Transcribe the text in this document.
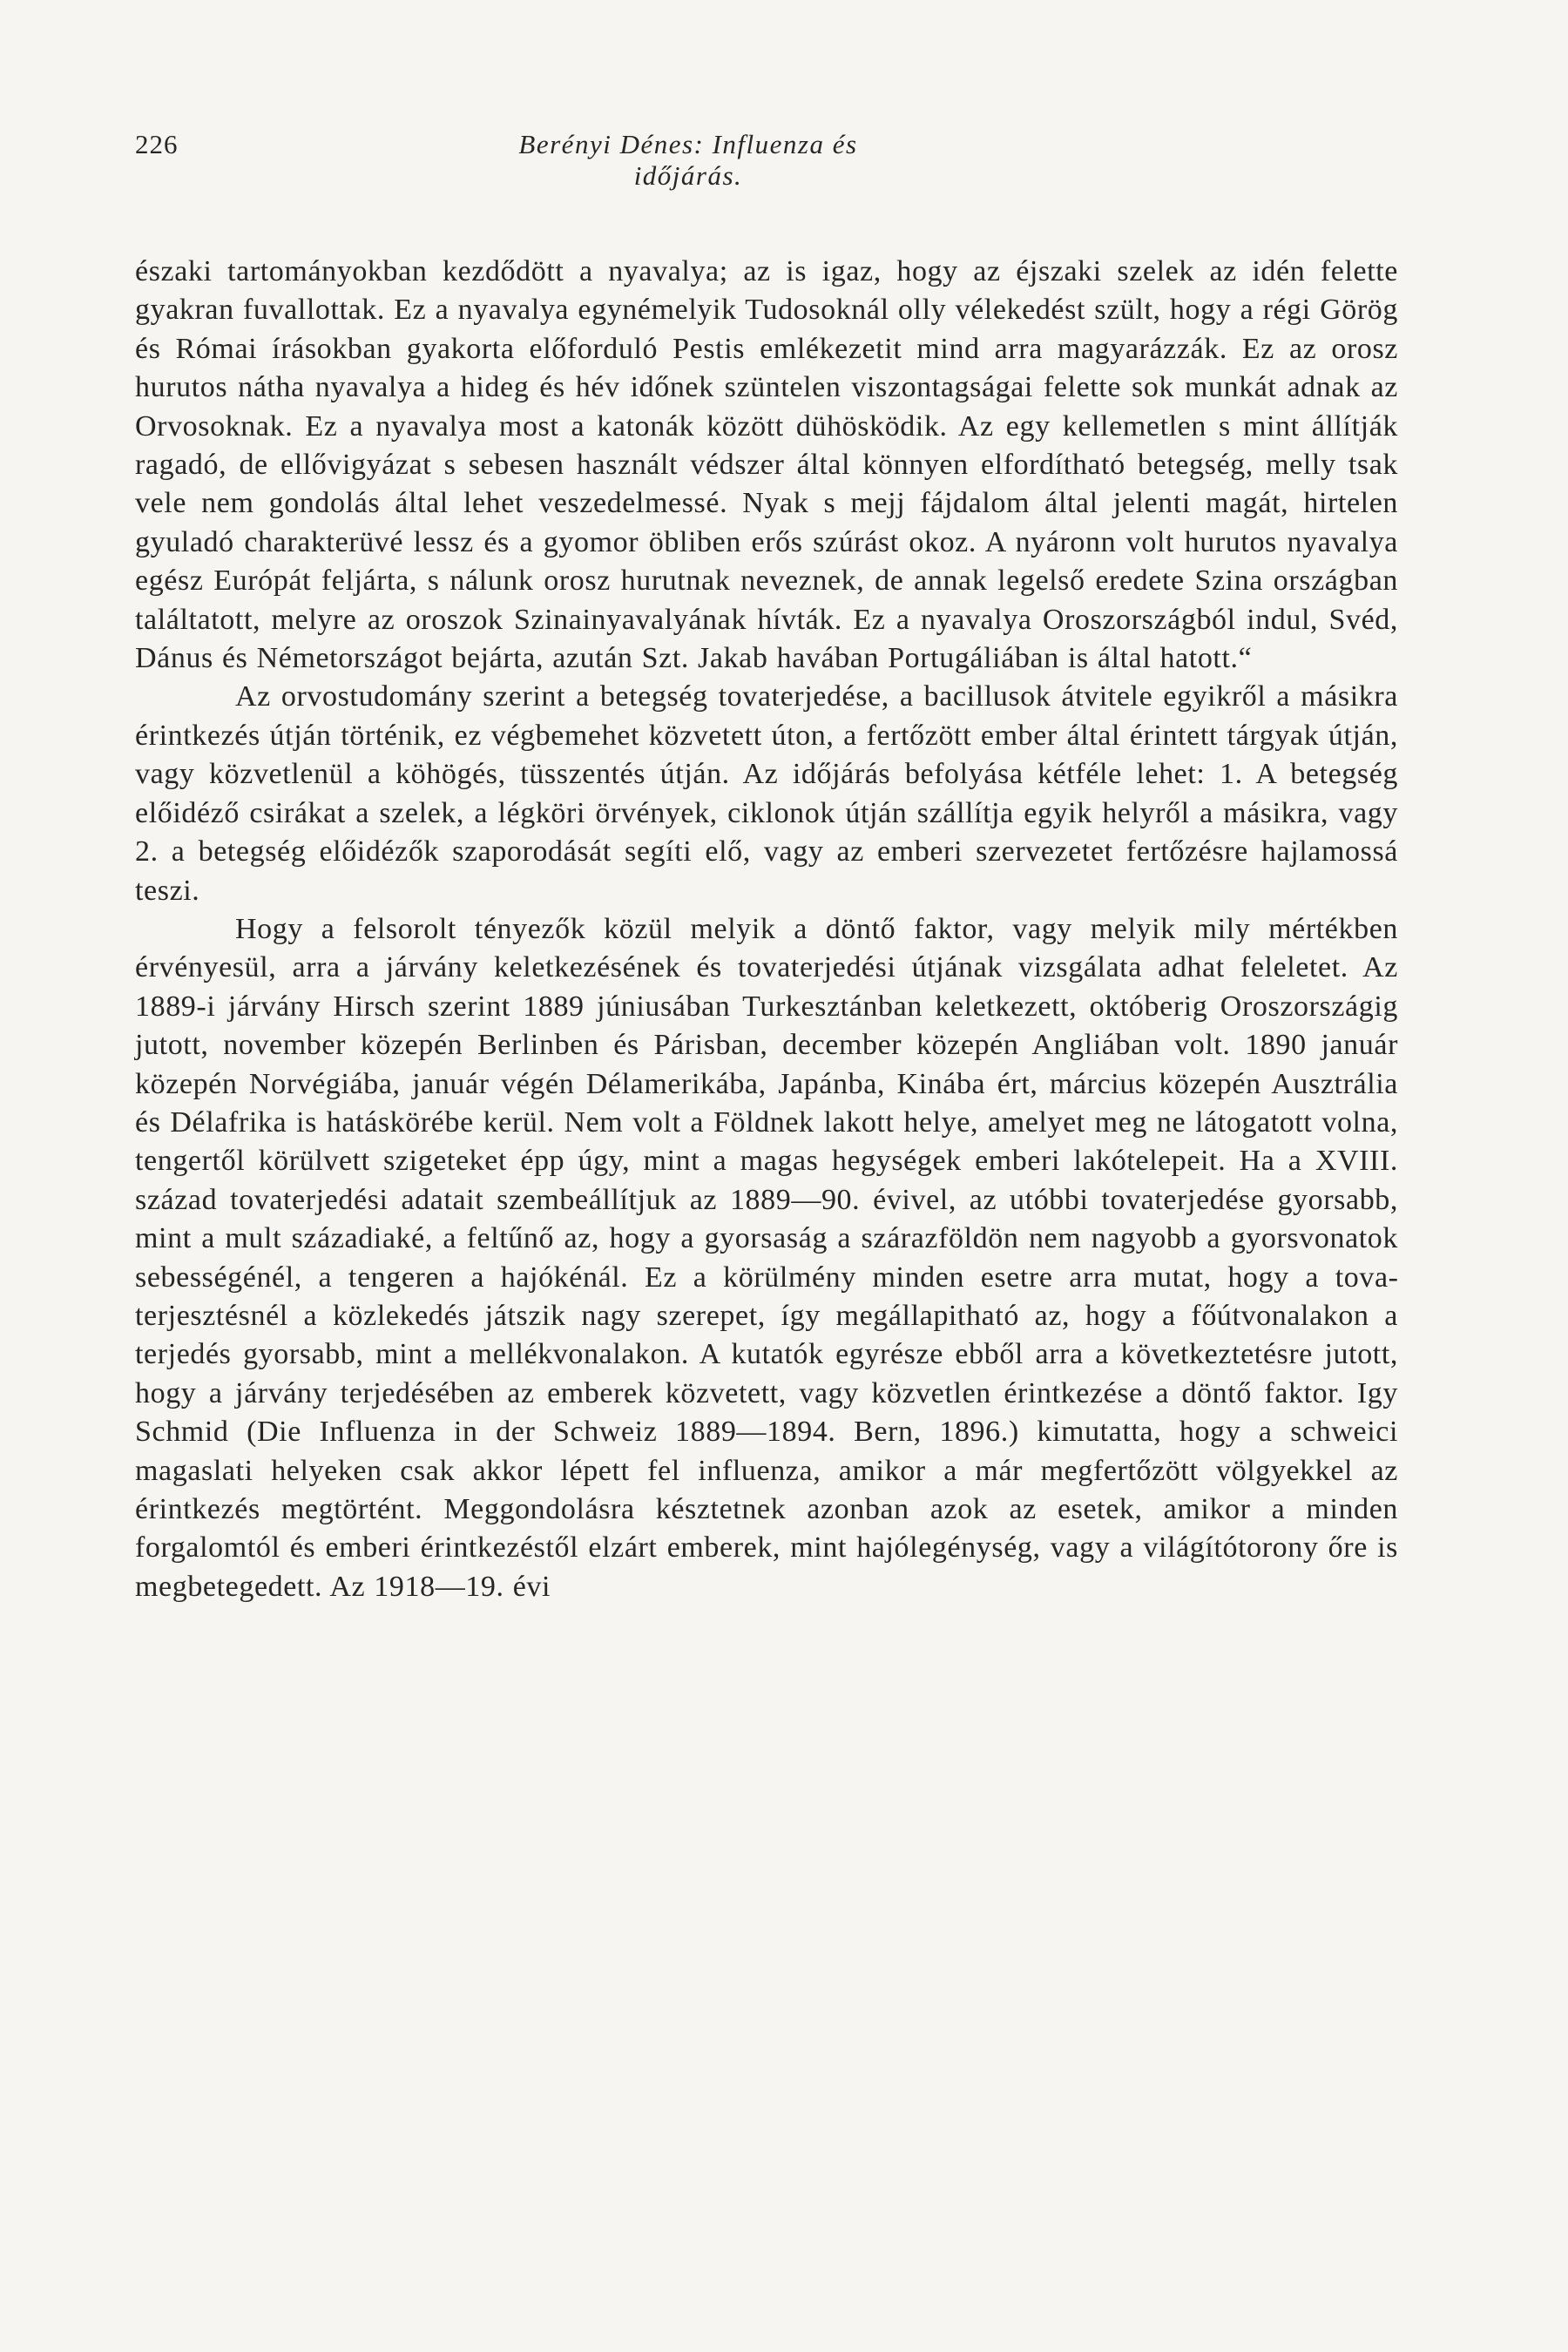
226	Berényi Dénes: Influenza és időjárás.

északi tartományokban kezdődött a nyavalya; az is igaz, hogy az éjszaki szelek az idén felette gyakran fuvallottak. Ez a nyavalya egynémelyik Tudosoknál olly vélekedést szült, hogy a régi Görög és Római írásokban gyakorta előforduló Pestis emlékezetit mind arra magyarázzák. Ez az orosz hurutos nátha nyavalya a hideg és hév időnek szüntelen viszontagságai felette sok munkát adnak az Orvosoknak. Ez a nyavalya most a katonák között dühösködik. Az egy kellemetlen s mint állítják ragadó, de ellővigyázat s sebesen használt védszer által könnyen elfordítható betegség, melly tsak vele nem gondolás által lehet veszedelmessé. Nyak s mejj fájdalom által jelenti magát, hirtelen gyuladó charakterüvé lessz és a gyomor öbliben erős szúrást okoz. A nyáronn volt hurutos nyavalya egész Európát feljárta, s nálunk orosz hurutnak neveznek, de annak legelső eredete Szina országban találtatott, melyre az oroszok Szinainyavalyának hívták. Ez a nyavalya Oroszországból indul, Svéd, Dánus és Németországot bejárta, azután Szt. Jakab havában Portugáliában is által hatott.“

Az orvostudomány szerint a betegség tovaterjedése, a bacillusok átvitele egyikről a másikra érintkezés útján történik, ez végbemehet közvetett úton, a fertőzött ember által érintett tárgyak útján, vagy közvetlenül a köhögés, tüsszentés útján. Az időjárás befolyása kétféle lehet: 1. A betegség előidéző csirákat a szelek, a légköri örvények, ciklonok útján szállítja egyik helyről a másikra, vagy 2. a betegség előidézők szaporodását segíti elő, vagy az emberi szervezetet fertőzésre hajlamossá teszi.

Hogy a felsorolt tényezők közül melyik a döntő faktor, vagy melyik mily mértékben érvényesül, arra a járvány keletkezésének és tovaterjedési útjának vizsgálata adhat feleletet. Az 1889-i járvány Hirsch szerint 1889 júniusában Turkesztánban keletkezett, októberig Oroszországig jutott, november közepén Berlinben és Párisban, december közepén Angliában volt. 1890 január közepén Norvégiába, január végén Délamerikába, Japánba, Kinába ért, március közepén Ausztrália és Délafrika is hatáskörébe kerül. Nem volt a Földnek lakott helye, amelyet meg ne látogatott volna, tengertől körülvett szigeteket épp úgy, mint a magas hegységek emberi lakótelepeit. Ha a XVIII. század tovaterjedési adatait szembeállítjuk az 1889—90. évivel, az utóbbi tovaterjedése gyorsabb, mint a mult századiaké, a feltűnő az, hogy a gyorsaság a szárazföldön nem nagyobb a gyorsvonatok sebességénél, a tengeren a hajókénál. Ez a körülmény minden esetre arra mutat, hogy a tovaterjesztésnél a közlekedés játszik nagy szerepet, így megállapitható az, hogy a főútvonalakon a terjedés gyorsabb, mint a mellékvonalakon. A kutatók egyrésze ebből arra a következtetésre jutott, hogy a járvány terjedésében az emberek közvetett, vagy közvetlen érintkezése a döntő faktor. Igy Schmid (Die Influenza in der Schweiz 1889—1894. Bern, 1896.) kimutatta, hogy a schweici magaslati helyeken csak akkor lépett fel influenza, amikor a már megfertőzött völgyekkel az érintkezés megtörtént. Meggondolásra késztetnek azonban azok az esetek, amikor a minden forgalomtól és emberi érintkezéstől elzárt emberek, mint hajólegénység, vagy a világítótorony őre is megbetegedett. Az 1918—19. évi
